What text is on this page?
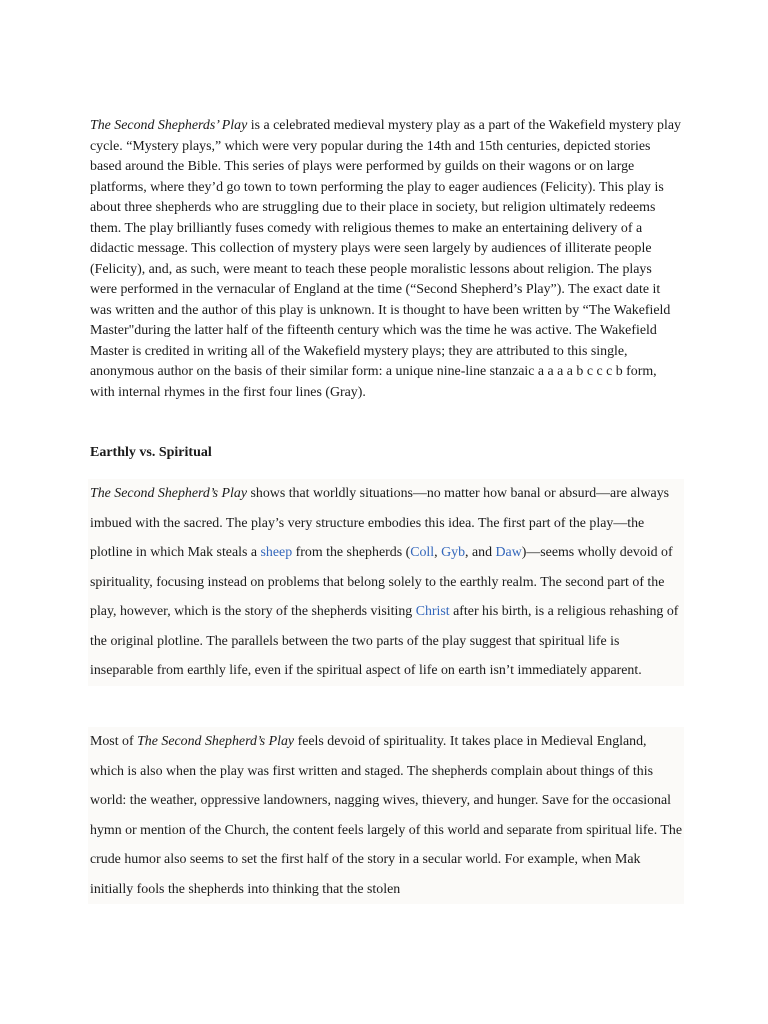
The Second Shepherds’ Play is a celebrated medieval mystery play as a part of the Wakefield mystery play cycle. “Mystery plays,” which were very popular during the 14th and 15th centuries, depicted stories based around the Bible. This series of plays were performed by guilds on their wagons or on large platforms, where they’d go town to town performing the play to eager audiences (Felicity). This play is about three shepherds who are struggling due to their place in society, but religion ultimately redeems them. The play brilliantly fuses comedy with religious themes to make an entertaining delivery of a didactic message. This collection of mystery plays were seen largely by audiences of illiterate people (Felicity), and, as such, were meant to teach these people moralistic lessons about religion. The plays were performed in the vernacular of England at the time (“Second Shepherd’s Play”). The exact date it was written and the author of this play is unknown. It is thought to have been written by “The Wakefield Master"during the latter half of the fifteenth century which was the time he was active. The Wakefield Master is credited in writing all of the Wakefield mystery plays; they are attributed to this single, anonymous author on the basis of their similar form: a unique nine-line stanzaic a a a a b c c c b form, with internal rhymes in the first four lines (Gray).

Earthly vs. Spiritual

The Second Shepherd’s Play shows that worldly situations—no matter how banal or absurd—are always imbued with the sacred. The play’s very structure embodies this idea. The first part of the play—the plotline in which Mak steals a sheep from the shepherds (Coll, Gyb, and Daw)—seems wholly devoid of spirituality, focusing instead on problems that belong solely to the earthly realm. The second part of the play, however, which is the story of the shepherds visiting Christ after his birth, is a religious rehashing of the original plotline. The parallels between the two parts of the play suggest that spiritual life is inseparable from earthly life, even if the spiritual aspect of life on earth isn’t immediately apparent.

Most of The Second Shepherd’s Play feels devoid of spirituality. It takes place in Medieval England, which is also when the play was first written and staged. The shepherds complain about things of this world: the weather, oppressive landowners, nagging wives, thievery, and hunger. Save for the occasional hymn or mention of the Church, the content feels largely of this world and separate from spiritual life. The crude humor also seems to set the first half of the story in a secular world. For example, when Mak initially fools the shepherds into thinking that the stolen
